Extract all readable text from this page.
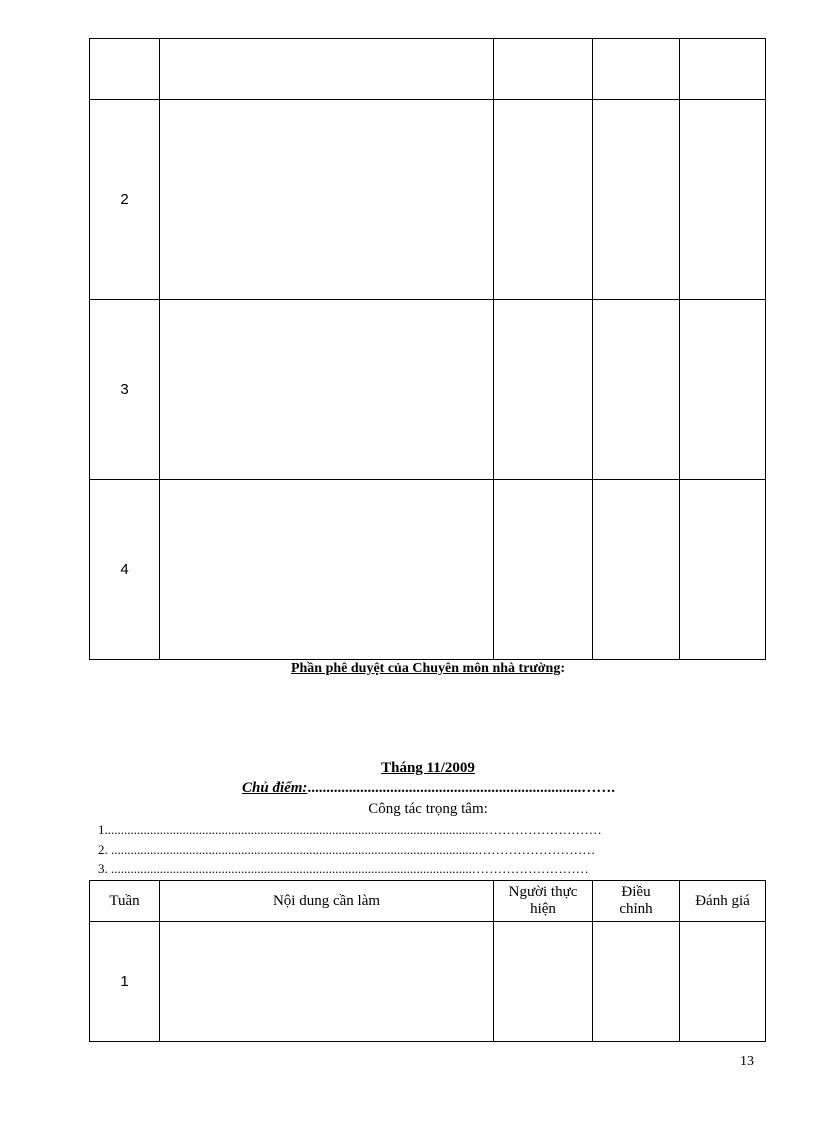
2				
3				
4				
Phần phê duyệt của Chuyên môn nhà trường:
Tháng 11/2009
Chủ điểm:.........................................................................…….
Công tác trọng tâm:
1.....................................................................................................................………………………
2. .................................................................................................................………………………
3. ...............................................................................................................………………………
Tuần	Nội dung cần làm	Người thực hiện	Điều chỉnh	Đánh giá
1				
13
